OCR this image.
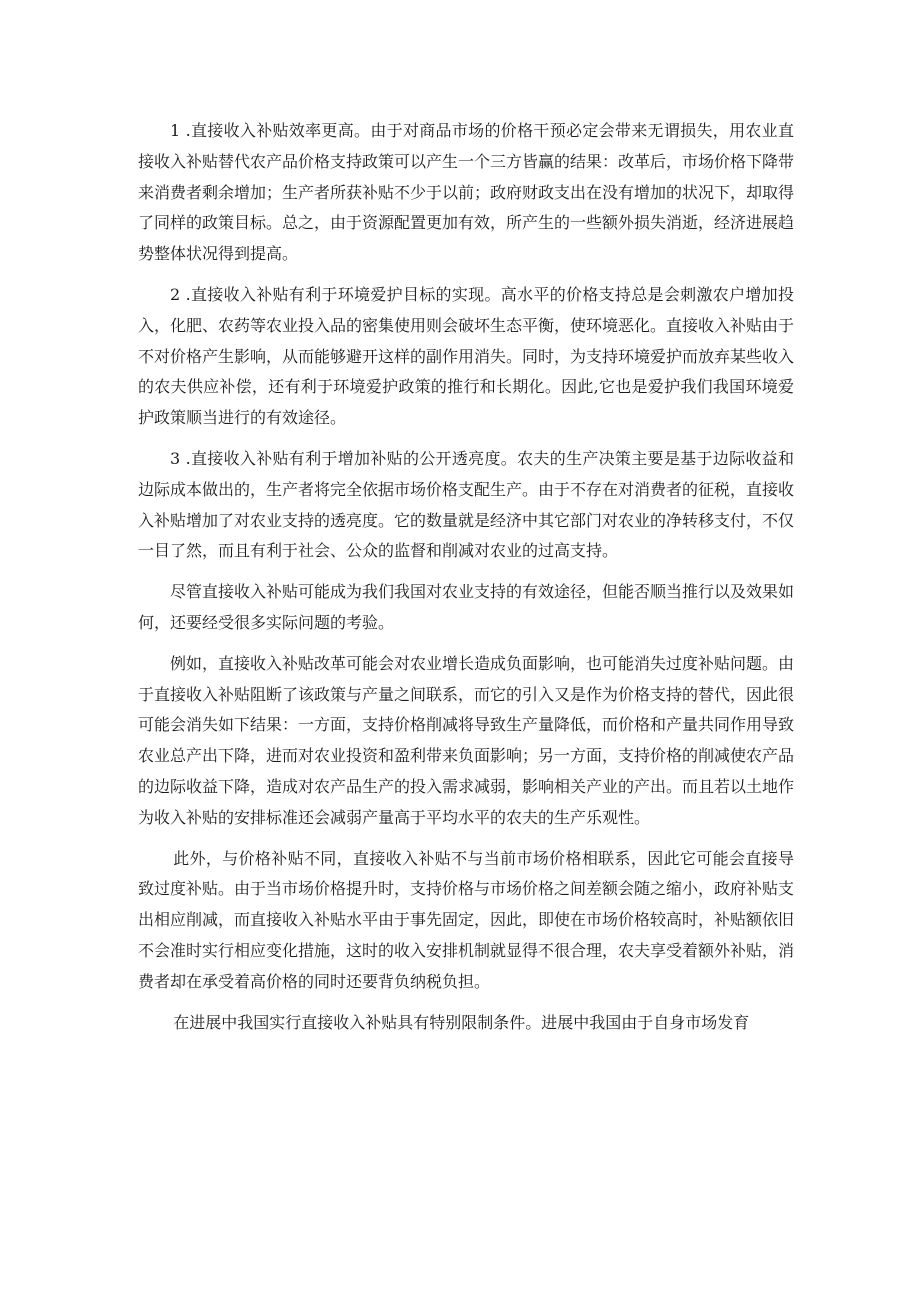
1 .直接收入补贴效率更高。由于对商品市场的价格干预必定会带来无谓损失，用农业直接收入补贴替代农产品价格支持政策可以产生一个三方皆赢的结果：改革后，市场价格下降带来消费者剩余增加；生产者所获补贴不少于以前；政府财政支出在没有增加的状况下，却取得了同样的政策目标。总之，由于资源配置更加有效，所产生的一些额外损失消逝，经济进展趋势整体状况得到提高。

2 .直接收入补贴有利于环境爱护目标的实现。高水平的价格支持总是会刺激农户增加投入，化肥、农药等农业投入品的密集使用则会破坏生态平衡，使环境恶化。直接收入补贴由于不对价格产生影响，从而能够避开这样的副作用消失。同时，为支持环境爱护而放弃某些收入的农夫供应补偿，还有利于环境爱护政策的推行和长期化。因此,它也是爱护我们我国环境爱护政策顺当进行的有效途径。

3 .直接收入补贴有利于增加补贴的公开透亮度。农夫的生产决策主要是基于边际收益和边际成本做出的，生产者将完全依据市场价格支配生产。由于不存在对消费者的征税，直接收入补贴增加了对农业支持的透亮度。它的数量就是经济中其它部门对农业的净转移支付，不仅一目了然，而且有利于社会、公众的监督和削减对农业的过高支持。

尽管直接收入补贴可能成为我们我国对农业支持的有效途径，但能否顺当推行以及效果如何，还要经受很多实际问题的考验。

例如，直接收入补贴改革可能会对农业增长造成负面影响，也可能消失过度补贴问题。由于直接收入补贴阻断了该政策与产量之间联系，而它的引入又是作为价格支持的替代，因此很可能会消失如下结果：一方面，支持价格削减将导致生产量降低，而价格和产量共同作用导致农业总产出下降，进而对农业投资和盈利带来负面影响；另一方面，支持价格的削减使农产品的边际收益下降，造成对农产品生产的投入需求减弱，影响相关产业的产出。而且若以土地作为收入补贴的安排标准还会减弱产量高于平均水平的农夫的生产乐观性。

此外，与价格补贴不同，直接收入补贴不与当前市场价格相联系，因此它可能会直接导致过度补贴。由于当市场价格提升时，支持价格与市场价格之间差额会随之缩小，政府补贴支出相应削减，而直接收入补贴水平由于事先固定，因此，即使在市场价格较高时，补贴额依旧不会准时实行相应变化措施，这时的收入安排机制就显得不很合理，农夫享受着额外补贴，消费者却在承受着高价格的同时还要背负纳税负担。

在进展中我国实行直接收入补贴具有特别限制条件。进展中我国由于自身市场发育
